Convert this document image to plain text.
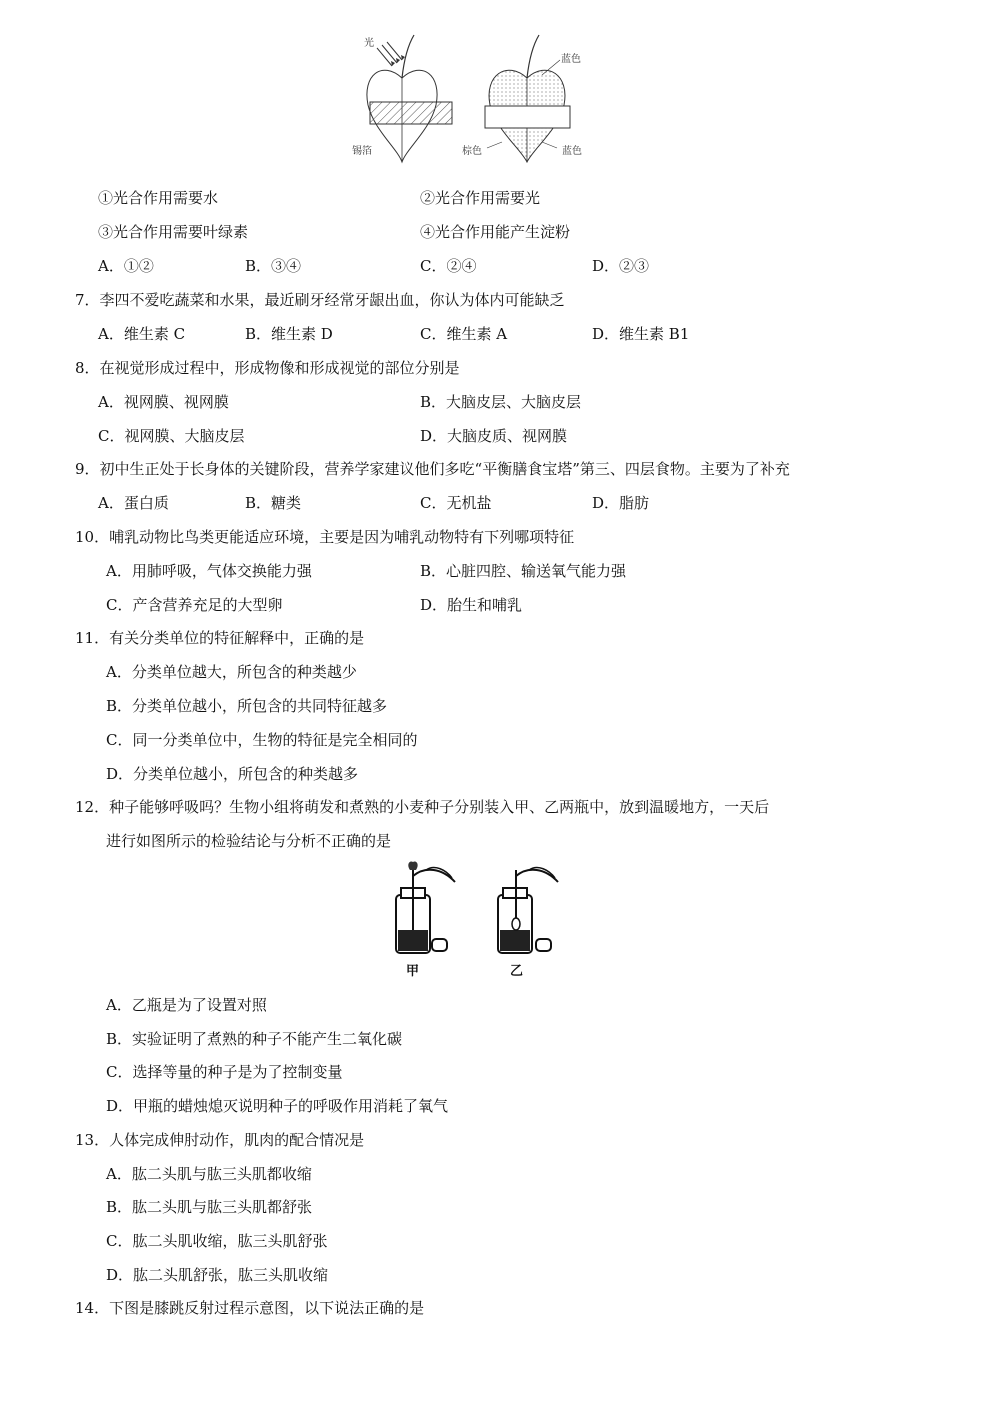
光
锡箔
蓝色
棕色	蓝色
①光合作用需要水	②光合作用需要光
③光合作用需要叶绿素	④光合作用能产生淀粉
A．①②	B．③④	C．②④	D．②③
7．李四不爱吃蔬菜和水果，最近刷牙经常牙龈出血，你认为体内可能缺乏
A．维生素 C	B．维生素 D	C．维生素 A	D．维生素 B1
8．在视觉形成过程中，形成物像和形成视觉的部位分别是
A．视网膜、视网膜	B．大脑皮层、大脑皮层
C．视网膜、大脑皮层	D．大脑皮质、视网膜
9．初中生正处于长身体的关键阶段，营养学家建议他们多吃“平衡膳食宝塔”第三、四层食物。主要为了补充
A．蛋白质	B．糖类	C．无机盐	D．脂肪
10．哺乳动物比鸟类更能适应环境，主要是因为哺乳动物特有下列哪项特征
A．用肺呼吸，气体交换能力强	B．心脏四腔、输送氧气能力强
C．产含营养充足的大型卵	D．胎生和哺乳
11．有关分类单位的特征解释中，正确的是
A．分类单位越大，所包含的种类越少
B．分类单位越小，所包含的共同特征越多
C．同一分类单位中，生物的特征是完全相同的
D．分类单位越小，所包含的种类越多
12．种子能够呼吸吗？生物小组将萌发和煮熟的小麦种子分别装入甲、乙两瓶中，放到温暖地方，一天后
进行如图所示的检验结论与分析不正确的是
甲	乙
A．乙瓶是为了设置对照
B．实验证明了煮熟的种子不能产生二氧化碳
C．选择等量的种子是为了控制变量
D．甲瓶的蜡烛熄灭说明种子的呼吸作用消耗了氧气
13．人体完成伸肘动作，肌肉的配合情况是
A．肱二头肌与肱三头肌都收缩
B．肱二头肌与肱三头肌都舒张
C．肱二头肌收缩，肱三头肌舒张
D．肱二头肌舒张，肱三头肌收缩
14．下图是膝跳反射过程示意图，以下说法正确的是
